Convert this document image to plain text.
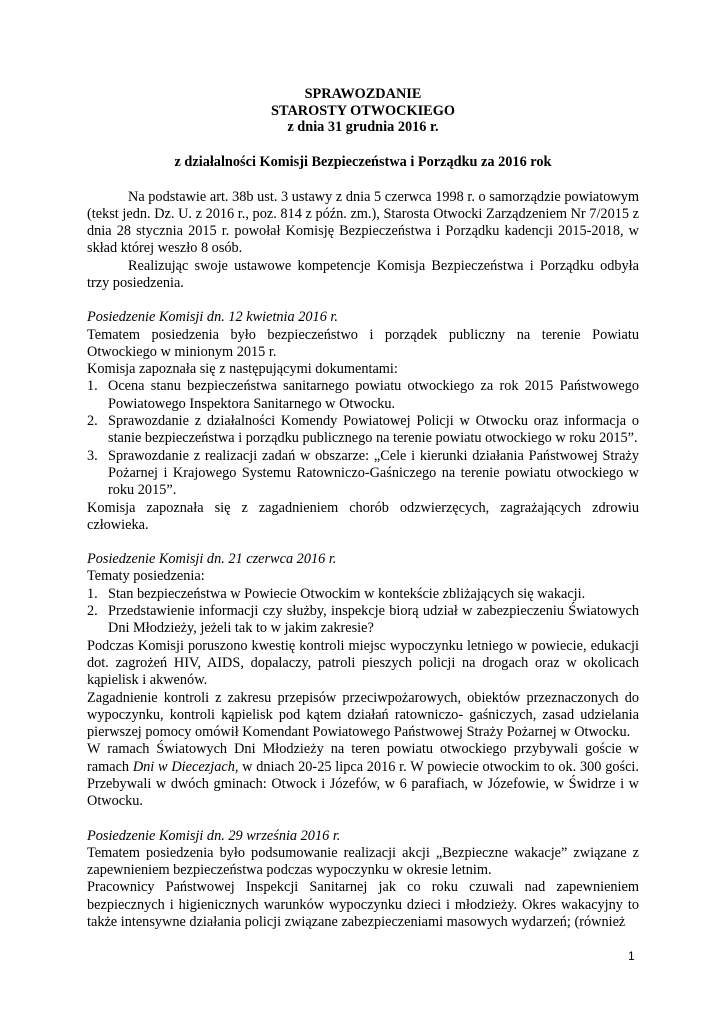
SPRAWOZDANIE
STAROSTY OTWOCKIEGO
z dnia 31 grudnia 2016 r.
z działalności Komisji Bezpieczeństwa i Porządku za 2016 rok

Na podstawie art. 38b ust. 3 ustawy z dnia 5 czerwca 1998 r. o samorządzie powiatowym (tekst jedn. Dz. U. z 2016 r., poz. 814 z późn. zm.), Starosta Otwocki Zarządzeniem Nr 7/2015 z dnia 28 stycznia 2015 r. powołał Komisję Bezpieczeństwa i Porządku kadencji 2015-2018, w skład której weszło 8 osób.

Realizując swoje ustawowe kompetencje Komisja Bezpieczeństwa i Porządku odbyła trzy posiedzenia.

Posiedzenie Komisji dn. 12 kwietnia 2016 r.

Tematem posiedzenia było bezpieczeństwo i porządek publiczny na terenie Powiatu Otwockiego w minionym 2015 r.

Komisja zapoznała się z następującymi dokumentami:

1. Ocena stanu bezpieczeństwa sanitarnego powiatu otwockiego za rok 2015 Państwowego Powiatowego Inspektora Sanitarnego w Otwocku.
2. Sprawozdanie z działalności Komendy Powiatowej Policji w Otwocku oraz informacja o stanie bezpieczeństwa i porządku publicznego na terenie powiatu otwockiego w roku 2015”.
3. Sprawozdanie z realizacji zadań w obszarze: „Cele i kierunki działania Państwowej Straży Pożarnej i Krajowego Systemu Ratowniczo-Gaśniczego na terenie powiatu otwockiego w roku 2015”.

Komisja zapoznała się z zagadnieniem chorób odzwierzęcych, zagrażających zdrowiu człowieka.

Posiedzenie Komisji dn. 21 czerwca 2016 r.

Tematy posiedzenia:

1. Stan bezpieczeństwa w Powiecie Otwockim w kontekście zbliżających się wakacji.
2. Przedstawienie informacji czy służby, inspekcje biorą udział w zabezpieczeniu Światowych Dni Młodzieży, jeżeli tak to w jakim zakresie?

Podczas Komisji poruszono kwestię kontroli miejsc wypoczynku letniego w powiecie, edukacji dot. zagrożeń HIV, AIDS, dopalaczy, patroli pieszych policji na drogach oraz w okolicach kąpielisk i akwenów.

Zagadnienie kontroli z zakresu przepisów przeciwpożarowych, obiektów przeznaczonych do wypoczynku, kontroli kąpielisk pod kątem działań ratowniczo- gaśniczych, zasad udzielania pierwszej pomocy omówił Komendant Powiatowego Państwowej Straży Pożarnej w Otwocku.

W ramach Światowych Dni Młodzieży na teren powiatu otwockiego przybywali goście w ramach Dni w Diecezjach, w dniach 20-25 lipca 2016 r. W powiecie otwockim to ok. 300 gości. Przebywali w dwóch gminach: Otwock i Józefów, w 6 parafiach, w Józefowie, w Świdrze i w Otwocku.

Posiedzenie Komisji dn. 29 września 2016 r.

Tematem posiedzenia było podsumowanie realizacji akcji „Bezpieczne wakacje” związane z zapewnieniem bezpieczeństwa podczas wypoczynku w okresie letnim.

Pracownicy Państwowej Inspekcji Sanitarnej jak co roku czuwali nad zapewnieniem bezpiecznych i higienicznych warunków wypoczynku dzieci i młodzieży. Okres wakacyjny to także intensywne działania policji związane zabezpieczeniami masowych wydarzeń; (również

1
